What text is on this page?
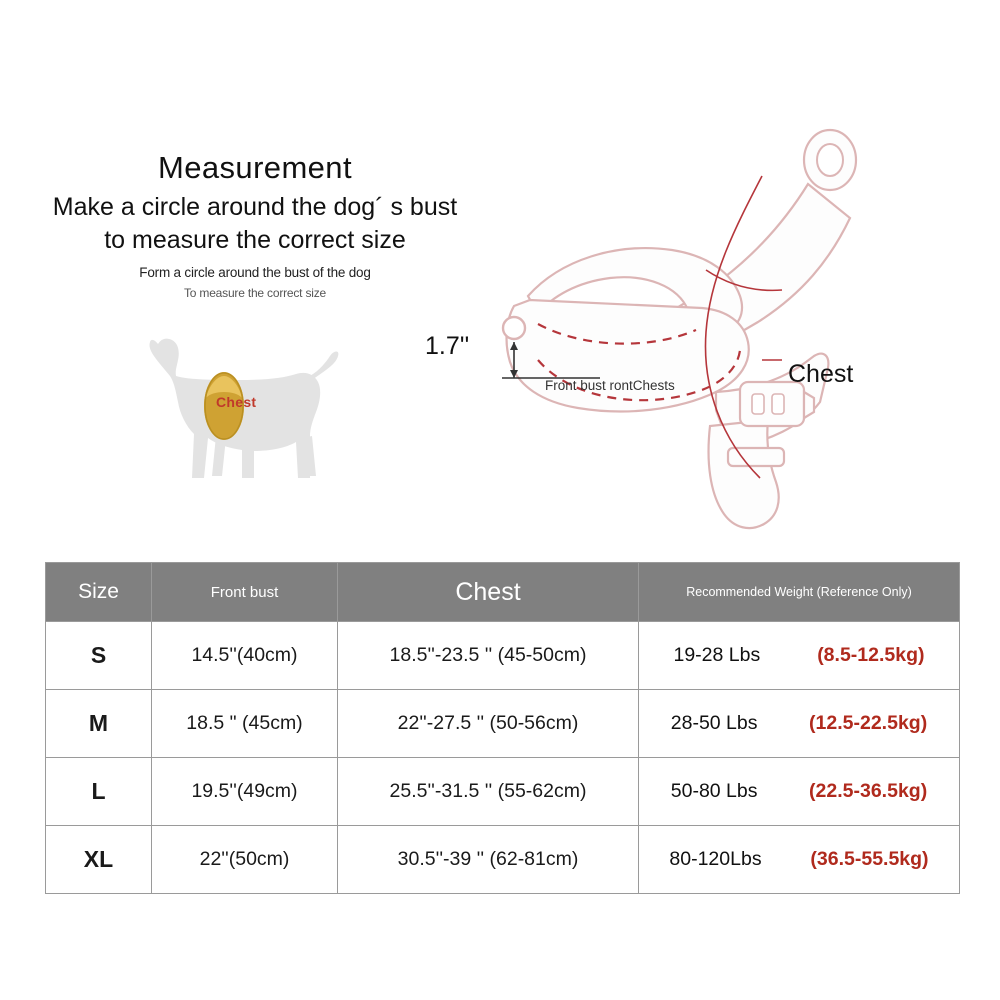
Measurement
Make a circle around the dog´ s bust
to measure the correct size
Form a circle around the bust of the dog
To measure the correct size
Chest
1.7''
Front bust rontChests	Chest
Size	Front bust	Chest	Recommended Weight (Reference Only)
S	14.5''(40cm)	18.5''-23.5 '' (45-50cm)	19-28 Lbs (8.5-12.5kg)

M	18.5 " (45cm)	22''-27.5 '' (50-56cm)	28-50 Lbs (12.5-22.5kg)

L	19.5''(49cm)	25.5''-31.5 '' (55-62cm)	50-80 Lbs (22.5-36.5kg)

XL	22''(50cm)	30.5''-39 '' (62-81cm)	80-120Lbs (36.5-55.5kg)
